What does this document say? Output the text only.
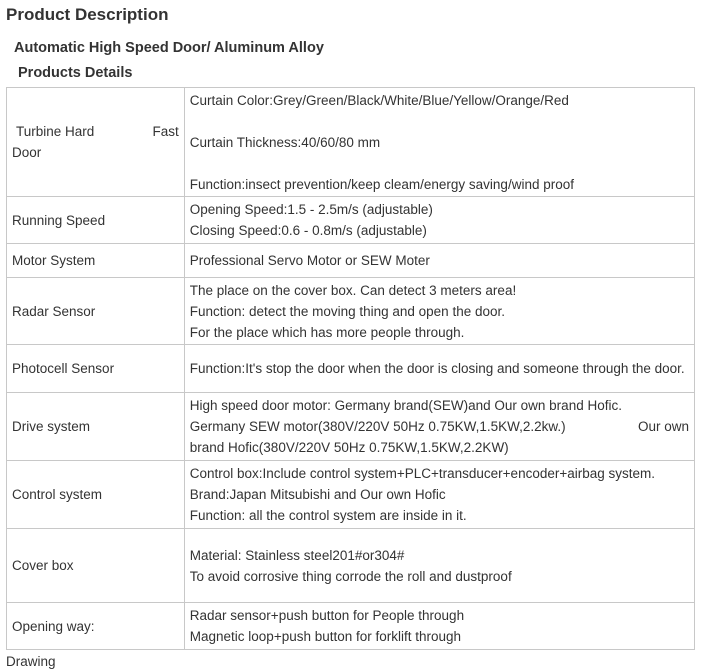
Product Description
Automatic High Speed Door/ Aluminum Alloy
Products Details
Turbine Hard Fast
Door	Curtain Color:Grey/Green/Black/White/Blue/Yellow/Orange/Red
Curtain Thickness:40/60/80 mm
Function:insect prevention/keep cleam/energy saving/wind proof

Running Speed	Opening Speed:1.5 - 2.5m/s (adjustable)
Closing Speed:0.6 - 0.8m/s (adjustable)

Motor System	Professional Servo Motor or SEW Moter

Radar Sensor	The place on the cover box. Can detect 3 meters area!
Function: detect the moving thing and open the door.
For the place which has more people through.

Photocell Sensor	Function:It's stop the door when the door is closing and someone through the door.

Drive system	High speed door motor: Germany brand(SEW)and Our own brand Hofic.
Germany SEW motor(380V/220V 50Hz 0.75KW,1.5KW,2.2kw.) Our own
brand Hofic(380V/220V 50Hz 0.75KW,1.5KW,2.2KW)

Control system	Control box:Include control system+PLC+transducer+encoder+airbag system.
Brand:Japan Mitsubishi and Our own Hofic
Function: all the control system are inside in it.

Cover box	Material: Stainless steel201#or304#
To avoid corrosive thing corrode the roll and dustproof

Opening way:	Radar sensor+push button for People through
Magnetic loop+push button for forklift through
Drawing
